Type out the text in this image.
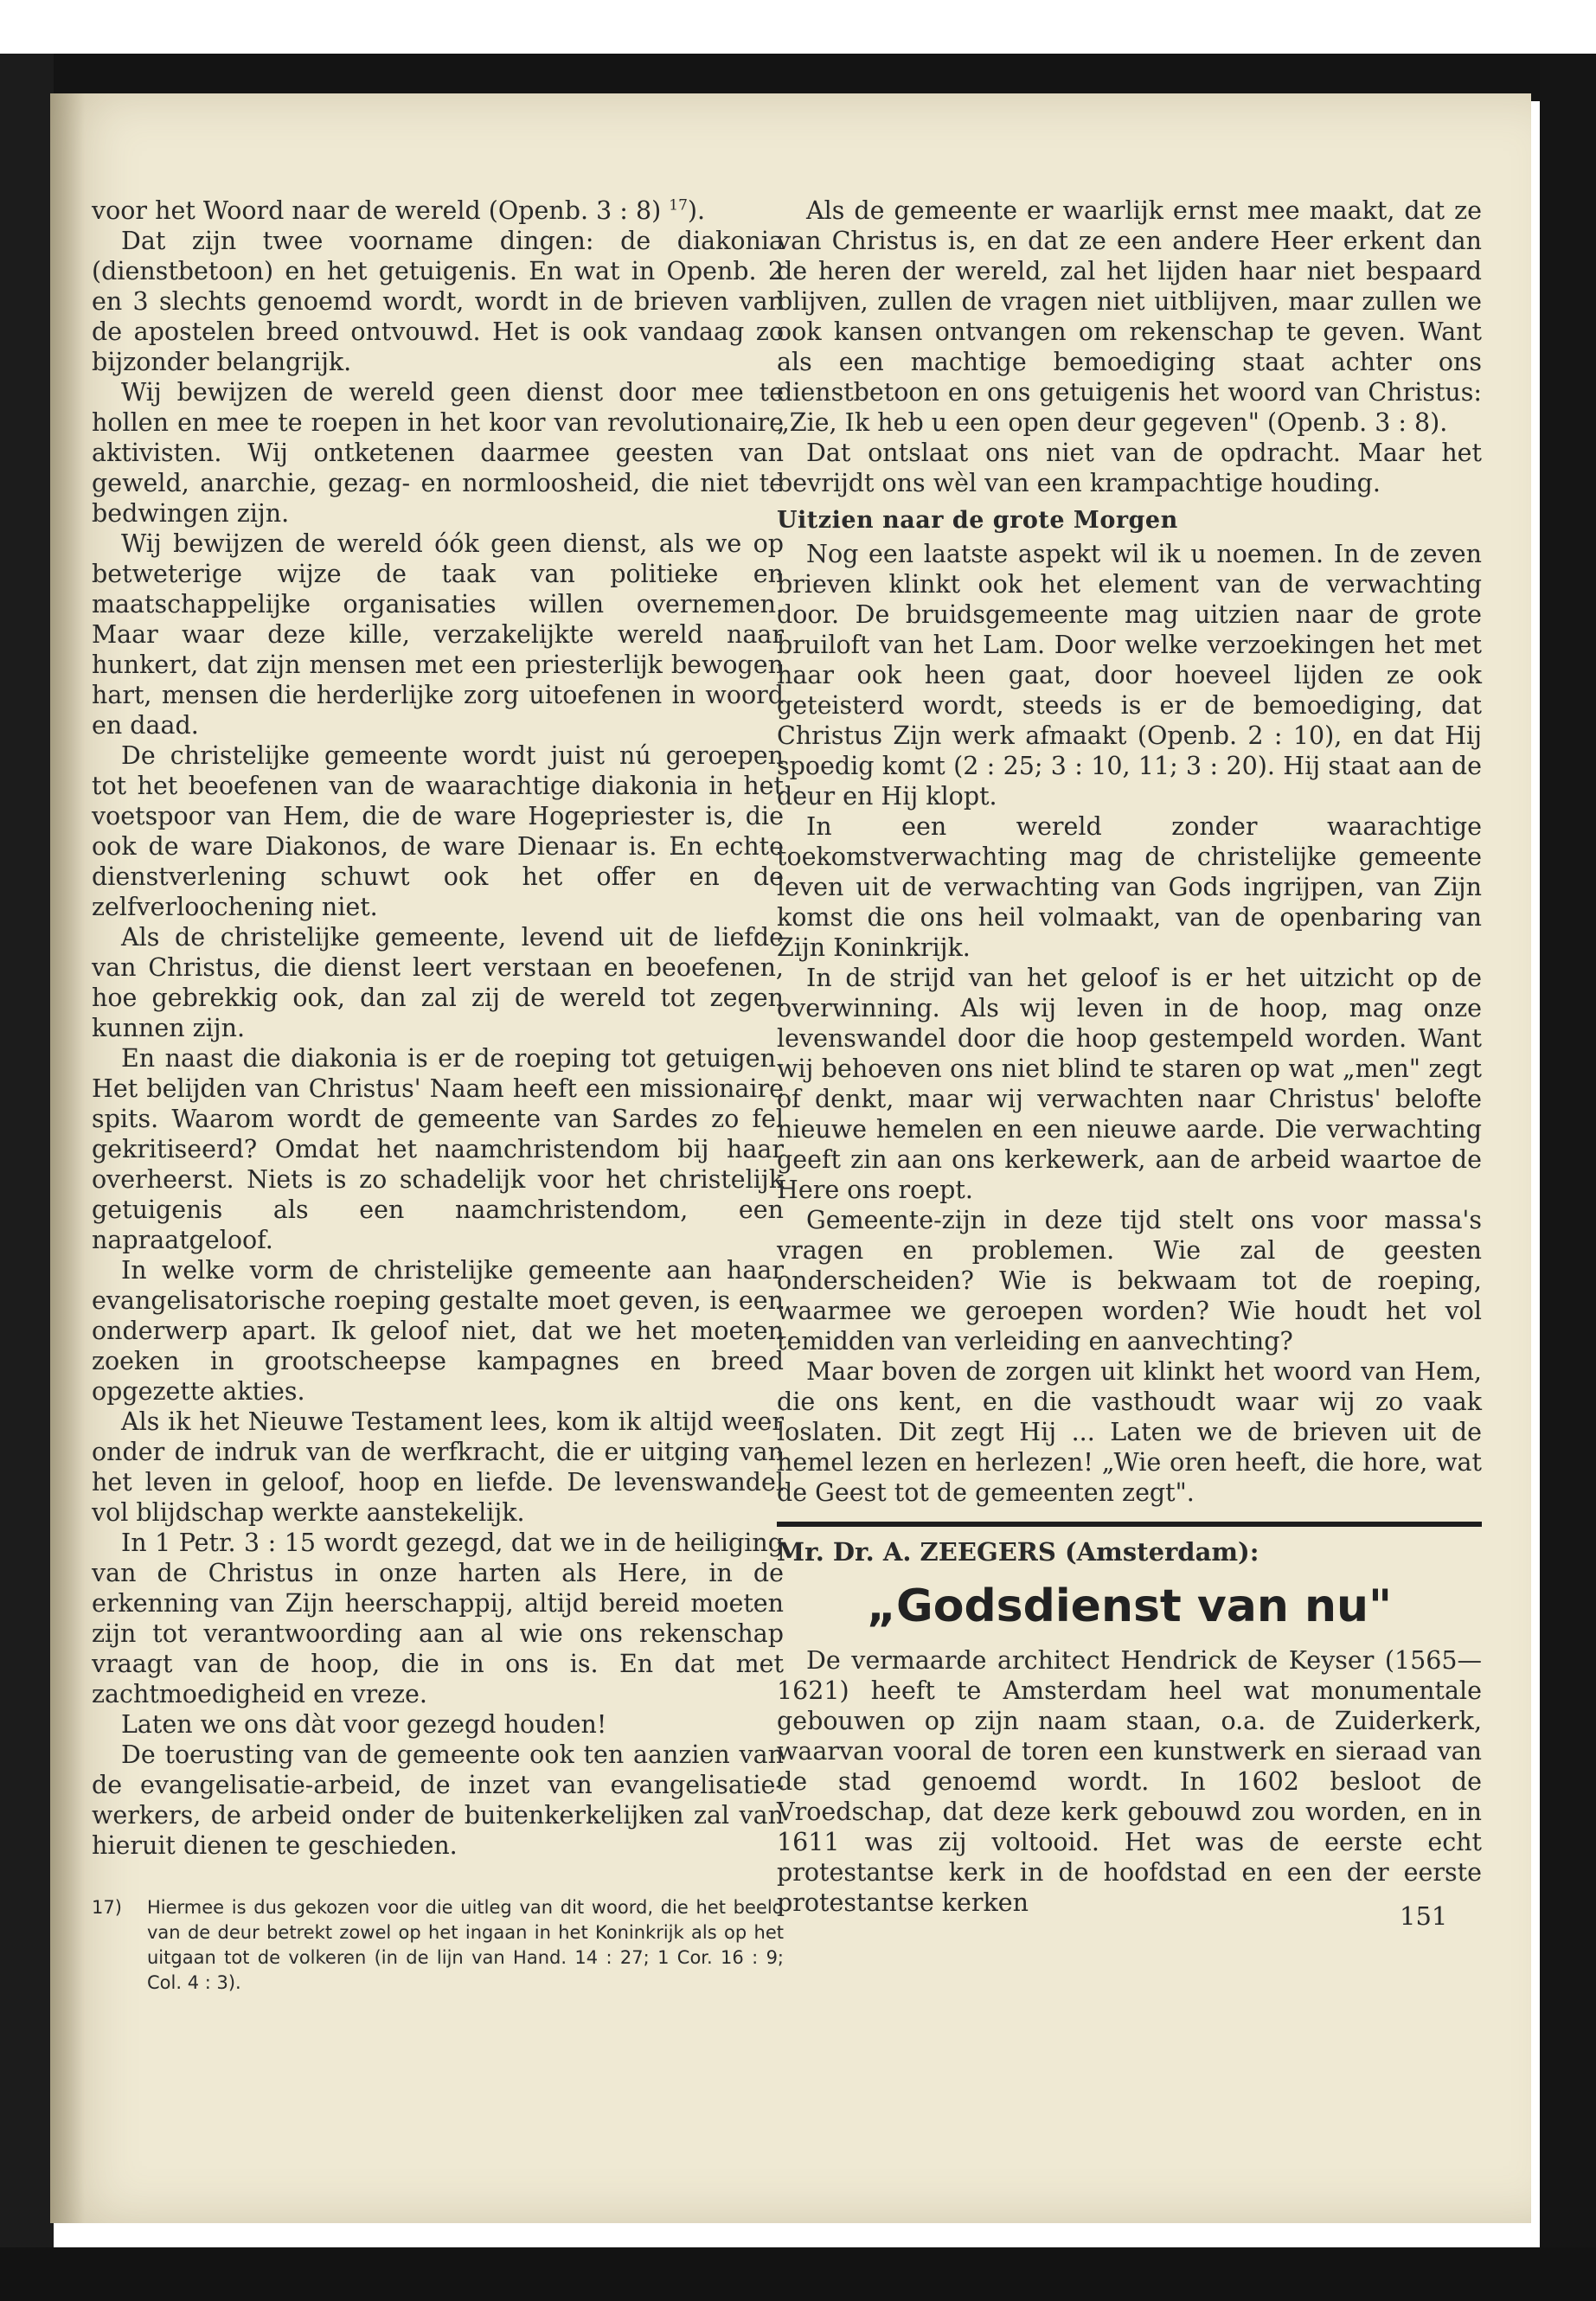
voor het Woord naar de wereld (Openb. 3 : 8) $^{17}$).

Dat zijn twee voorname dingen: de diakonia (dienstbetoon) en het getuigenis. En wat in Openb. 2 en 3 slechts genoemd wordt, wordt in de brieven van de apostelen breed ontvouwd. Het is ook vandaag zo bijzonder belangrijk.

Wij bewijzen de wereld geen dienst door mee te hollen en mee te roepen in het koor van revolutionaire aktivisten. Wij ontketenen daarmee geesten van geweld, anarchie, gezag- en normloosheid, die niet te bedwingen zijn.

Wij bewijzen de wereld óók geen dienst, als we op betweterige wijze de taak van politieke en maatschappelijke organisaties willen overnemen. Maar waar deze kille, verzakelijkte wereld naar hunkert, dat zijn mensen met een priesterlijk bewogen hart, mensen die herderlijke zorg uitoefenen in woord en daad.

De christelijke gemeente wordt juist nú geroepen tot het beoefenen van de waarachtige diakonia in het voetspoor van Hem, die de ware Hogepriester is, die ook de ware Diakonos, de ware Dienaar is. En echte dienstverlening schuwt ook het offer en de zelfverloochening niet.

Als de christelijke gemeente, levend uit de liefde van Christus, die dienst leert verstaan en beoefenen, hoe gebrekkig ook, dan zal zij de wereld tot zegen kunnen zijn.

En naast die diakonia is er de roeping tot getuigen. Het belijden van Christus' Naam heeft een missionaire spits. Waarom wordt de gemeente van Sardes zo fel gekritiseerd? Omdat het naamchristendom bij haar overheerst. Niets is zo schadelijk voor het christelijk getuigenis als een naamchristendom, een napraatgeloof.

In welke vorm de christelijke gemeente aan haar evangelisatorische roeping gestalte moet geven, is een onderwerp apart. Ik geloof niet, dat we het moeten zoeken in grootscheepse kampagnes en breed opgezette akties.

Als ik het Nieuwe Testament lees, kom ik altijd weer onder de indruk van de werfkracht, die er uitging van het leven in geloof, hoop en liefde. De levenswandel vol blijdschap werkte aanstekelijk.

In 1 Petr. 3 : 15 wordt gezegd, dat we in de heiliging van de Christus in onze harten als Here, in de erkenning van Zijn heerschappij, altijd bereid moeten zijn tot verantwoording aan al wie ons rekenschap vraagt van de hoop, die in ons is. En dat met zachtmoedigheid en vreze.

Laten we ons dàt voor gezegd houden!

De toerusting van de gemeente ook ten aanzien van de evangelisatie-arbeid, de inzet van evangelisatie-werkers, de arbeid onder de buitenkerkelijken zal van hieruit dienen te geschieden.

17) Hiermee is dus gekozen voor die uitleg van dit woord, die het beeld van de deur betrekt zowel op het ingaan in het Koninkrijk als op het uitgaan tot de volkeren (in de lijn van Hand. 14 : 27; 1 Cor. 16 : 9; Col. 4 : 3).

Als de gemeente er waarlijk ernst mee maakt, dat ze van Christus is, en dat ze een andere Heer erkent dan de heren der wereld, zal het lijden haar niet bespaard blijven, zullen de vragen niet uitblijven, maar zullen we ook kansen ontvangen om rekenschap te geven. Want als een machtige bemoediging staat achter ons dienstbetoon en ons getuigenis het woord van Christus: „Zie, Ik heb u een open deur gegeven" (Openb. 3 : 8).

Dat ontslaat ons niet van de opdracht. Maar het bevrijdt ons wèl van een krampachtige houding.

Uitzien naar de grote Morgen

Nog een laatste aspekt wil ik u noemen. In de zeven brieven klinkt ook het element van de verwachting door. De bruidsgemeente mag uitzien naar de grote bruiloft van het Lam. Door welke verzoekingen het met haar ook heen gaat, door hoeveel lijden ze ook geteisterd wordt, steeds is er de bemoediging, dat Christus Zijn werk afmaakt (Openb. 2 : 10), en dat Hij spoedig komt (2 : 25; 3 : 10, 11; 3 : 20). Hij staat aan de deur en Hij klopt.

In een wereld zonder waarachtige toekomstverwachting mag de christelijke gemeente leven uit de verwachting van Gods ingrijpen, van Zijn komst die ons heil volmaakt, van de openbaring van Zijn Koninkrijk.

In de strijd van het geloof is er het uitzicht op de overwinning. Als wij leven in de hoop, mag onze levenswandel door die hoop gestempeld worden. Want wij behoeven ons niet blind te staren op wat „men" zegt of denkt, maar wij verwachten naar Christus' belofte nieuwe hemelen en een nieuwe aarde. Die verwachting geeft zin aan ons kerkewerk, aan de arbeid waartoe de Here ons roept.

Gemeente-zijn in deze tijd stelt ons voor massa's vragen en problemen. Wie zal de geesten onderscheiden? Wie is bekwaam tot de roeping, waarmee we geroepen worden? Wie houdt het vol temidden van verleiding en aanvechting?

Maar boven de zorgen uit klinkt het woord van Hem, die ons kent, en die vasthoudt waar wij zo vaak loslaten. Dit zegt Hij ... Laten we de brieven uit de hemel lezen en herlezen! „Wie oren heeft, die hore, wat de Geest tot de gemeenten zegt".

Mr. Dr. A. ZEEGERS (Amsterdam):
„Godsdienst van nu"

De vermaarde architect Hendrick de Keyser (1565—1621) heeft te Amsterdam heel wat monumentale gebouwen op zijn naam staan, o.a. de Zuiderkerk, waarvan vooral de toren een kunstwerk en sieraad van de stad genoemd wordt. In 1602 besloot de Vroedschap, dat deze kerk gebouwd zou worden, en in 1611 was zij voltooid. Het was de eerste echt protestantse kerk in de hoofdstad en een der eerste protestantse kerken	151
